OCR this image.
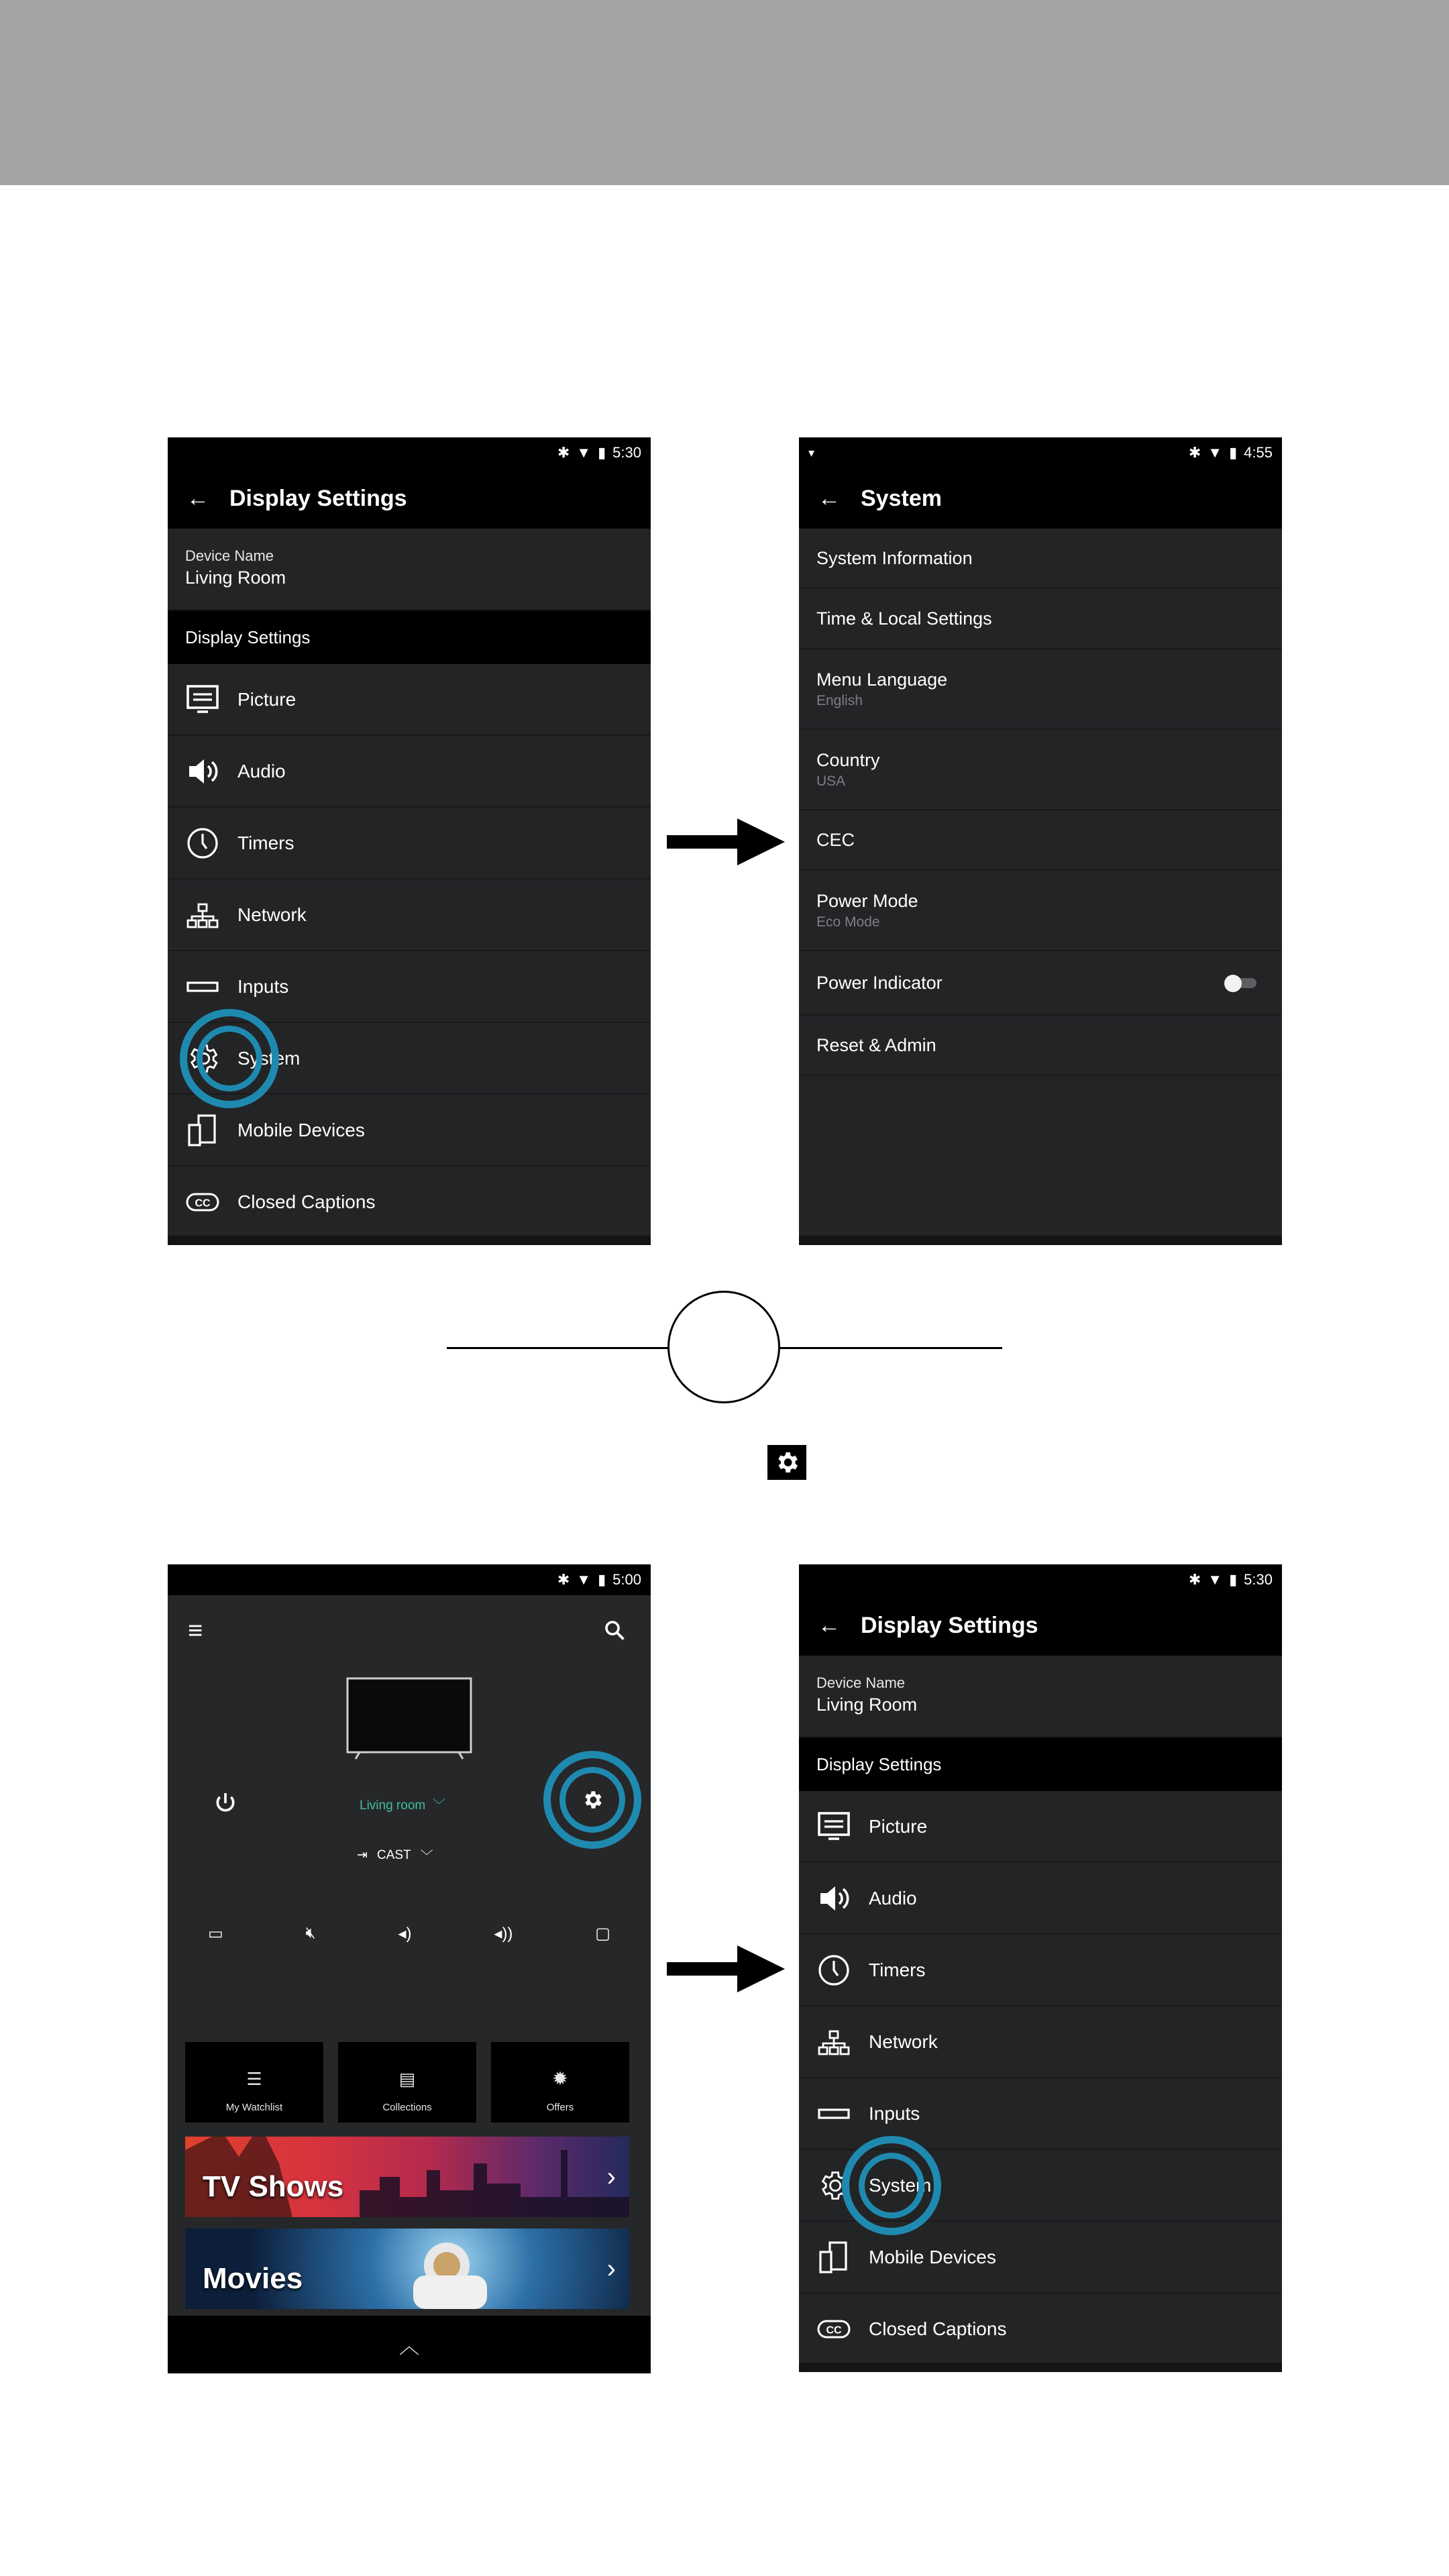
✱ ▼ ▮ 5:30
← Display Settings
Device Name
Living Room
Display Settings
Picture
Audio
Timers
Network
Inputs
System
Mobile Devices
CC Closed Captions
▾	✱ ▼ ▮ 4:55
← System
System Information
Time & Local Settings
Menu Language
English
Country
USA
CEC
Power Mode
Eco Mode
Power Indicator
Reset & Admin
✱ ▼ ▮ 5:00
≡
Living room  ﹀
⇥ CAST ﹀
▭	🔇︎	◂)	◂))	▢
☰
My Watchlist
▤
Collections
✹
Offers
TV Shows	›
Movies	›
︿
✱ ▼ ▮ 5:30
← Display Settings
Device Name
Living Room
Display Settings
Picture
Audio
Timers
Network
Inputs
System
Mobile Devices
CC Closed Captions
